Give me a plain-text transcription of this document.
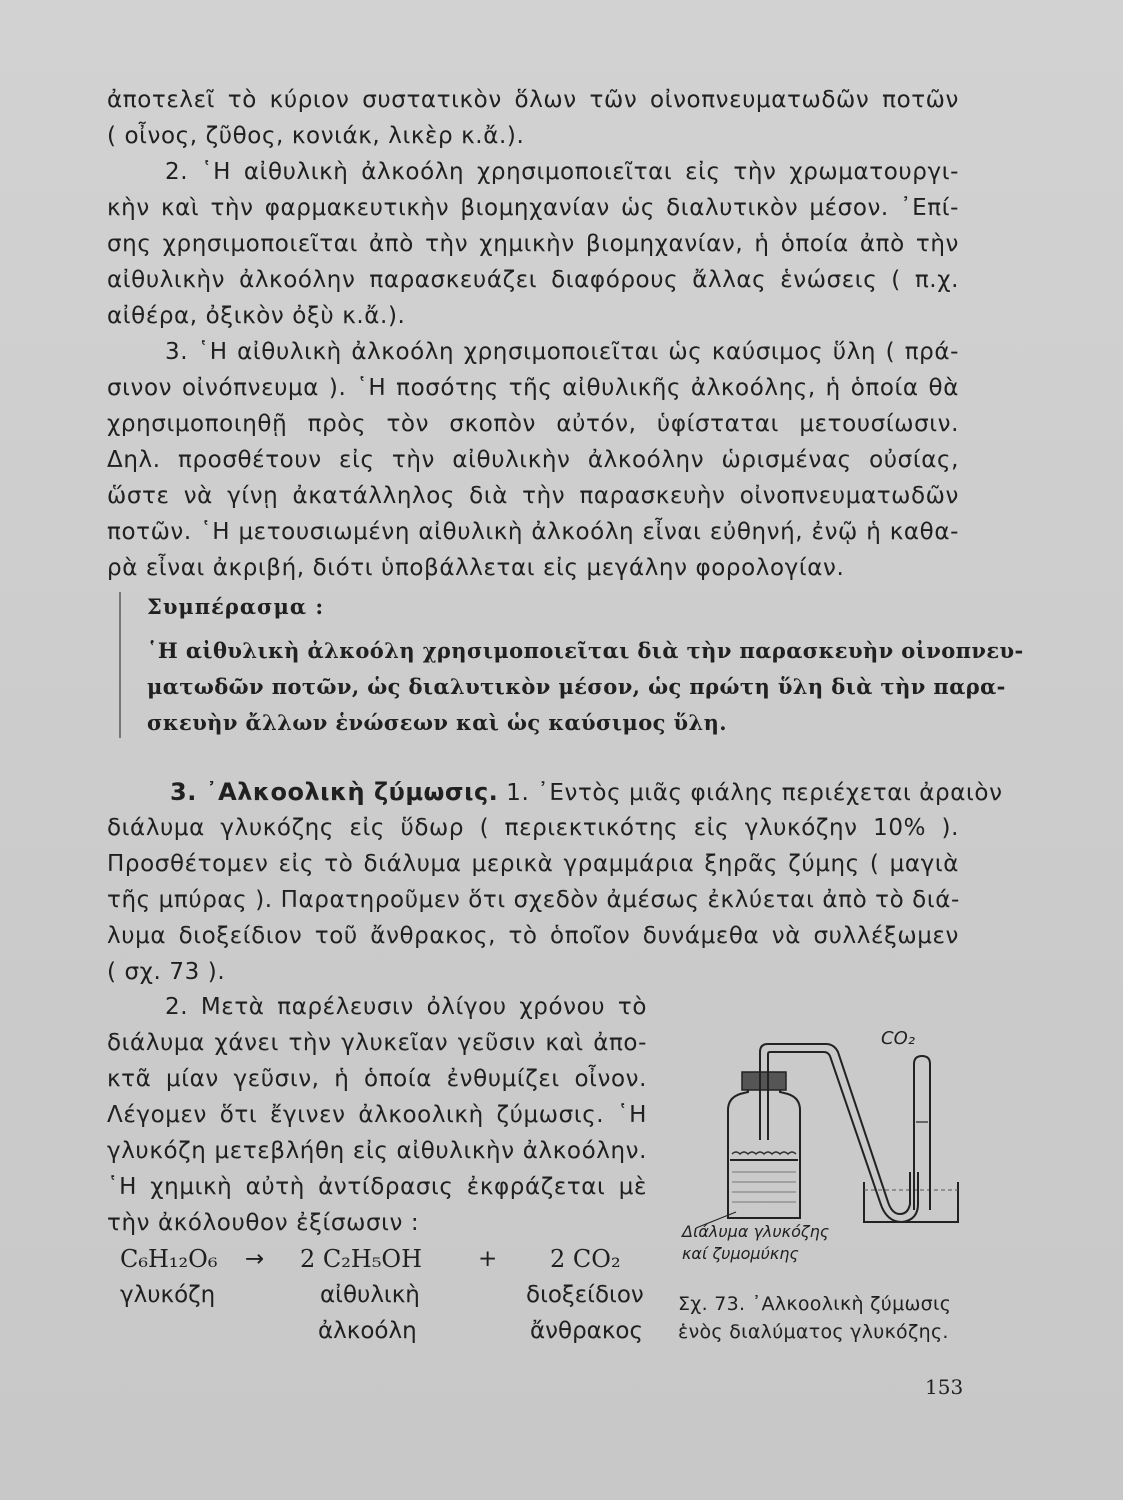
ἀποτελεῖ τὸ κύριον συστατικὸν ὅλων τῶν οἰνοπνευματωδῶν ποτῶν
( οἶνος, ζῦθος, κονιάκ, λικὲρ κ.ἄ.).
2. ῾Η αἰθυλικὴ ἀλκοόλη χρησιμοποιεῖται εἰς τὴν χρωματουργι-
κὴν καὶ τὴν φαρμακευτικὴν βιομηχανίαν ὡς διαλυτικὸν μέσον. ᾿Επί-
σης χρησιμοποιεῖται ἀπὸ τὴν χημικὴν βιομηχανίαν, ἡ ὁποία ἀπὸ τὴν
αἰθυλικὴν ἀλκοόλην παρασκευάζει διαφόρους ἄλλας ἑνώσεις ( π.χ.
αἰθέρα, ὀξικὸν ὀξὺ κ.ἄ.).
3. ῾Η αἰθυλικὴ ἀλκοόλη χρησιμοποιεῖται ὡς καύσιμος ὕλη ( πρά-
σινον οἰνόπνευμα ). ῾Η ποσότης τῆς αἰθυλικῆς ἀλκοόλης, ἡ ὁποία θὰ
χρησιμοποιηθῇ πρὸς τὸν σκοπὸν αὐτόν, ὑφίσταται μετουσίωσιν.
Δηλ. προσθέτουν εἰς τὴν αἰθυλικὴν ἀλκοόλην ὡρισμένας οὐσίας,
ὥστε νὰ γίνῃ ἀκατάλληλος διὰ τὴν παρασκευὴν οἰνοπνευματωδῶν
ποτῶν. ῾Η μετουσιωμένη αἰθυλικὴ ἀλκοόλη εἶναι εὐθηνή, ἐνῷ ἡ καθα-
ρὰ εἶναι ἀκριβή, διότι ὑποβάλλεται εἰς μεγάλην φορολογίαν.
Συμπέρασμα :
῾Η αἰθυλικὴ ἀλκοόλη χρησιμοποιεῖται διὰ τὴν παρασκευὴν οἰνοπνευ-
ματωδῶν ποτῶν, ὡς διαλυτικὸν μέσον, ὡς πρώτη ὕλη διὰ τὴν παρα-
σκευὴν ἄλλων ἑνώσεων καὶ ὡς καύσιμος ὕλη.
3. ᾿Αλκοολικὴ ζύμωσις. 1. ᾿Εντὸς μιᾶς φιάλης περιέχεται ἀραιὸν
διάλυμα γλυκόζης εἰς ὕδωρ ( περιεκτικότης εἰς γλυκόζην 10% ).
Προσθέτομεν εἰς τὸ διάλυμα μερικὰ γραμμάρια ξηρᾶς ζύμης ( μαγιὰ
τῆς μπύρας ). Παρατηροῦμεν ὅτι σχεδὸν ἀμέσως ἐκλύεται ἀπὸ τὸ διά-
λυμα διοξείδιον τοῦ ἄνθρακος, τὸ ὁποῖον δυνάμεθα νὰ συλλέξωμεν
( σχ. 73 ).
2. Μετὰ παρέλευσιν ὀλίγου χρόνου τὸ
διάλυμα χάνει τὴν γλυκεῖαν γεῦσιν καὶ ἀπο-
κτᾶ μίαν γεῦσιν, ἡ ὁποία ἐνθυμίζει οἶνον.
Λέγομεν ὅτι ἔγινεν ἀλκοολικὴ ζύμωσις. ῾Η
γλυκόζη μετεβλήθη εἰς αἰθυλικὴν ἀλκοόλην.
῾Η χημικὴ αὐτὴ ἀντίδρασις ἐκφράζεται μὲ
τὴν ἀκόλουθον ἐξίσωσιν :
C₆H₁₂O₆ → 2 C₂H₅OH + 2 CO₂
γλυκόζη	αἰθυλικὴ	διοξείδιον
ἀλκοόλη	ἄνθρακος
CO₂
Διάλυμα γλυκόζης
καί ζυμομύκης
Σχ. 73. ᾿Αλκοολικὴ ζύμωσις
ἑνὸς διαλύματος γλυκόζης.
153
